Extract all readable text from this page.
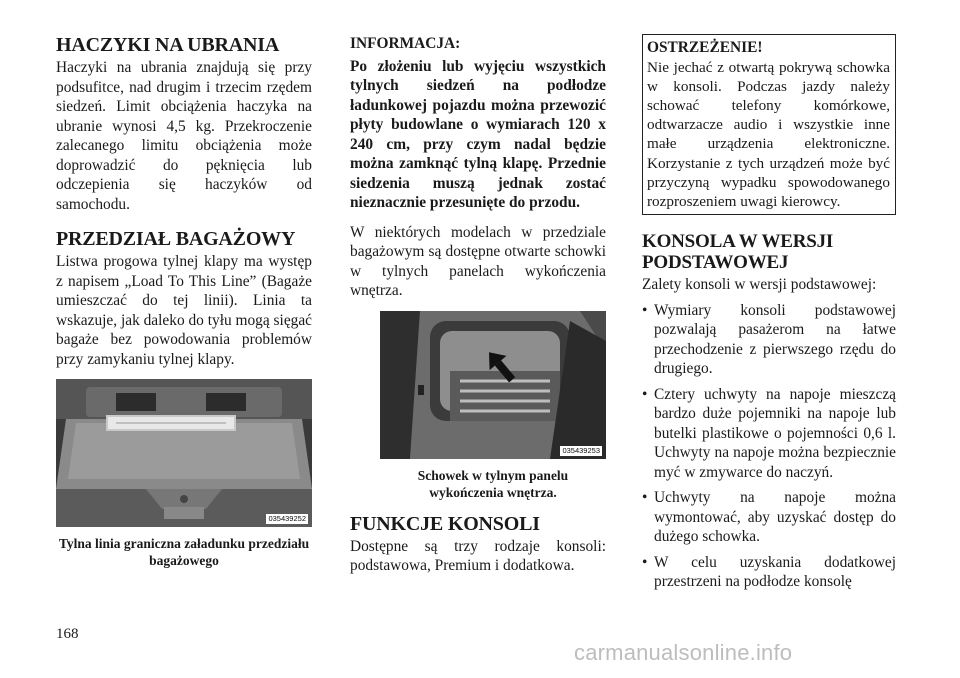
HACZYKI NA UBRANIA

Haczyki na ubrania znajdują się przy podsufitce, nad drugim i trzecim rzędem siedzeń. Limit obciążenia haczyka na ubranie wynosi 4,5 kg. Przekroczenie zalecanego limitu obciążenia może doprowadzić do pęknięcia lub odczepienia się haczyków od samochodu.

PRZEDZIAŁ BAGAŻOWY

Listwa progowa tylnej klapy ma występ z napisem „Load To This Line” (Bagaże umieszczać do tej linii). Linia ta wskazuje, jak daleko do tyłu mogą sięgać bagaże bez powodowania problemów przy zamykaniu tylnej klapy.

035439252
Tylna linia graniczna załadunku przedziału bagażowego
INFORMACJA:

Po złożeniu lub wyjęciu wszystkich tylnych siedzeń na podłodze ładunkowej pojazdu można przewozić płyty budowlane o wymiarach 120 x 240 cm, przy czym nadal będzie można zamknąć tylną klapę. Przednie siedzenia muszą jednak zostać nieznacznie przesunięte do przodu.

W niektórych modelach w przedziale bagażowym są dostępne otwarte schowki w tylnych panelach wykończenia wnętrza.

035439253
Schowek w tylnym panelu wykończenia wnętrza.
FUNKCJE KONSOLI

Dostępne są trzy rodzaje konsoli: podstawowa, Premium i dodatkowa.

OSTRZEŻENIE!

Nie jechać z otwartą pokrywą schowka w konsoli. Podczas jazdy należy schować telefony komórkowe, odtwarzacze audio i wszystkie inne małe urządzenia elektroniczne. Korzystanie z tych urządzeń może być przyczyną wypadku spowodowanego rozproszeniem uwagi kierowcy.

KONSOLA W WERSJI PODSTAWOWEJ

Zalety konsoli w wersji podstawowej:

• Wymiary konsoli podstawowej pozwalają pasażerom na łatwe przechodzenie z pierwszego rzędu do drugiego.
• Cztery uchwyty na napoje mieszczą bardzo duże pojemniki na napoje lub butelki plastikowe o pojemności 0,6 l. Uchwyty na napoje można bezpiecznie myć w zmywarce do naczyń.
• Uchwyty na napoje można wymontować, aby uzyskać dostęp do dużego schowka.
• W celu uzyskania dodatkowej przestrzeni na podłodze konsolę
168
carmanualsonline.info
